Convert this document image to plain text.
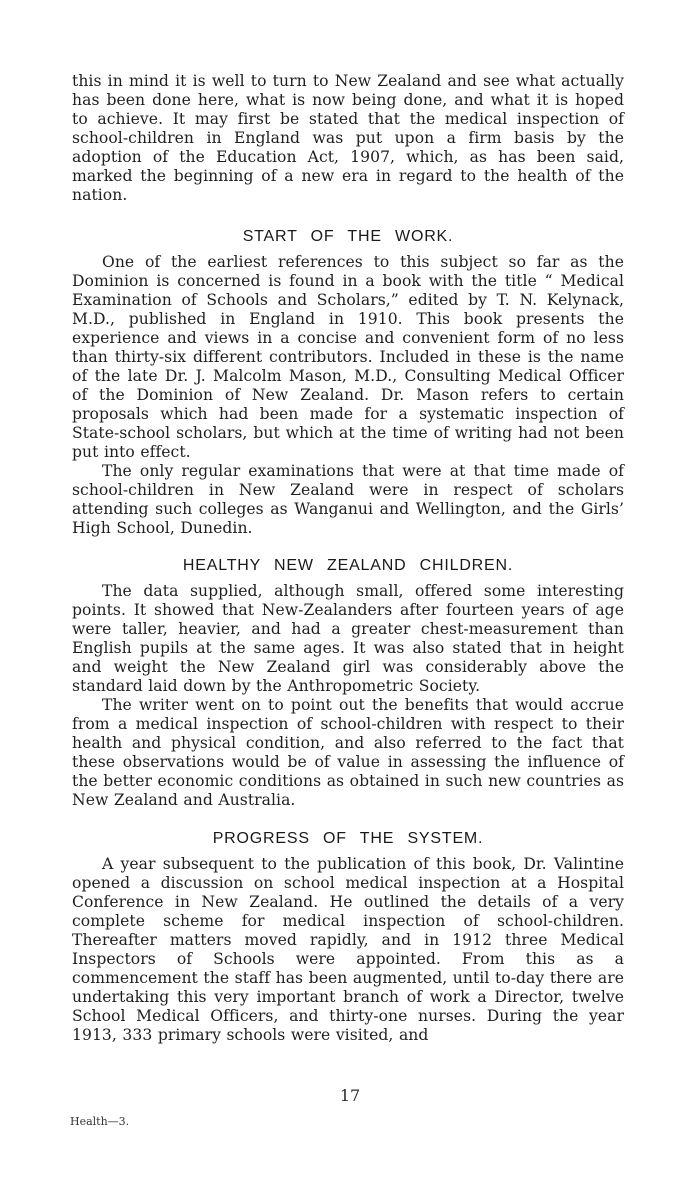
this in mind it is well to turn to New Zealand and see what actually has been done here, what is now being done, and what it is hoped to achieve. It may first be stated that the medical inspection of school-children in England was put upon a firm basis by the adoption of the Education Act, 1907, which, as has been said, marked the beginning of a new era in regard to the health of the nation.

START OF THE WORK.

One of the earliest references to this subject so far as the Dominion is concerned is found in a book with the title “ Medical Examination of Schools and Scholars,” edited by T. N. Kelynack, M.D., published in England in 1910. This book presents the experience and views in a concise and convenient form of no less than thirty-six different contributors. Included in these is the name of the late Dr. J. Malcolm Mason, M.D., Consulting Medical Officer of the Dominion of New Zealand. Dr. Mason refers to certain proposals which had been made for a systematic inspection of State-school scholars, but which at the time of writing had not been put into effect.

The only regular examinations that were at that time made of school-children in New Zealand were in respect of scholars attending such colleges as Wanganui and Wellington, and the Girls’ High School, Dunedin.

HEALTHY NEW ZEALAND CHILDREN.

The data supplied, although small, offered some interesting points. It showed that New-Zealanders after fourteen years of age were taller, heavier, and had a greater chest-measurement than English pupils at the same ages. It was also stated that in height and weight the New Zealand girl was considerably above the standard laid down by the Anthropometric Society.

The writer went on to point out the benefits that would accrue from a medical inspection of school-children with respect to their health and physical condition, and also referred to the fact that these observations would be of value in assessing the influence of the better economic conditions as obtained in such new countries as New Zealand and Australia.

PROGRESS OF THE SYSTEM.

A year subsequent to the publication of this book, Dr. Valintine opened a discussion on school medical inspection at a Hospital Conference in New Zealand. He outlined the details of a very complete scheme for medical inspection of school-children. Thereafter matters moved rapidly, and in 1912 three Medical Inspectors of Schools were appointed. From this as a commencement the staff has been augmented, until to-day there are undertaking this very important branch of work a Director, twelve School Medical Officers, and thirty-one nurses. During the year 1913, 333 primary schools were visited, and

17

Health—3.
